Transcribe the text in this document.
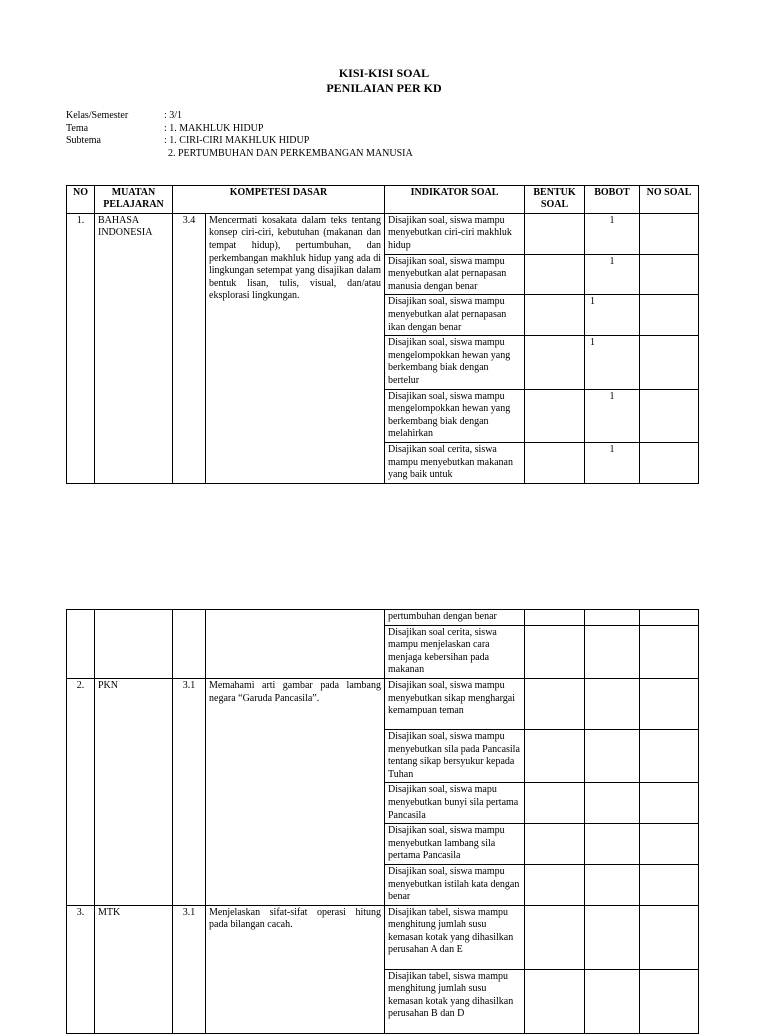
KISI-KISI SOAL
PENILAIAN PER KD
Kelas/Semester	: 3/1
Tema	: 1. MAKHLUK HIDUP
Subtema	: 1. CIRI-CIRI MAKHLUK HIDUP
2. PERTUMBUHAN DAN PERKEMBANGAN MANUSIA
NO	MUATAN PELAJARAN	KOMPETESI DASAR		INDIKATOR SOAL	BENTUK SOAL	BOBOT	NO SOAL
1.	BAHASA INDONESIA	3.4	Mencermati kosakata dalam teks tentang konsep ciri-ciri, kebutuhan (makanan dan tempat hidup), pertumbuhan, dan perkembangan makhluk hidup yang ada di lingkungan setempat yang disajikan dalam bentuk lisan, tulis, visual, dan/atau eksplorasi lingkungan.	Disajikan soal, siswa mampu menyebutkan ciri-ciri makhluk hidup		1	

				Disajikan soal, siswa mampu menyebutkan alat pernapasan manusia dengan benar		1	

				Disajikan soal, siswa mampu menyebutkan alat pernapasan ikan dengan benar		1	

				Disajikan soal, siswa mampu mengelompokkan hewan yang berkembang biak dengan bertelur		1	

				Disajikan soal, siswa mampu mengelompokkan hewan yang berkembang biak dengan melahirkan		1	

				Disajikan soal cerita, siswa mampu menyebutkan makanan yang baik untuk		1	

				pertumbuhan dengan benar			
				Disajikan soal cerita, siswa mampu menjelaskan cara menjaga kebersihan pada makanan			
2.	PKN	3.1	Memahami arti gambar pada lambang negara “Garuda Pancasila”.	Disajikan soal, siswa mampu menyebutkan sikap menghargai kemampuan teman			
				Disajikan soal, siswa mampu menyebutkan sila pada Pancasila tentang sikap bersyukur kepada Tuhan			
				Disajikan soal, siswa mapu menyebutkan bunyi sila pertama Pancasila			
				Disajikan soal, siswa mampu menyebutkan lambang sila pertama Pancasila			
				Disajikan soal, siswa mampu menyebutkan istilah kata dengan benar			
3.	MTK	3.1	Menjelaskan sifat-sifat operasi hitung pada bilangan cacah.	Disajikan tabel, siswa mampu menghitung jumlah susu kemasan kotak yang dihasilkan perusahan A dan E			
				Disajikan tabel, siswa mampu menghitung jumlah susu kemasan kotak yang dihasilkan perusahan B dan D			
